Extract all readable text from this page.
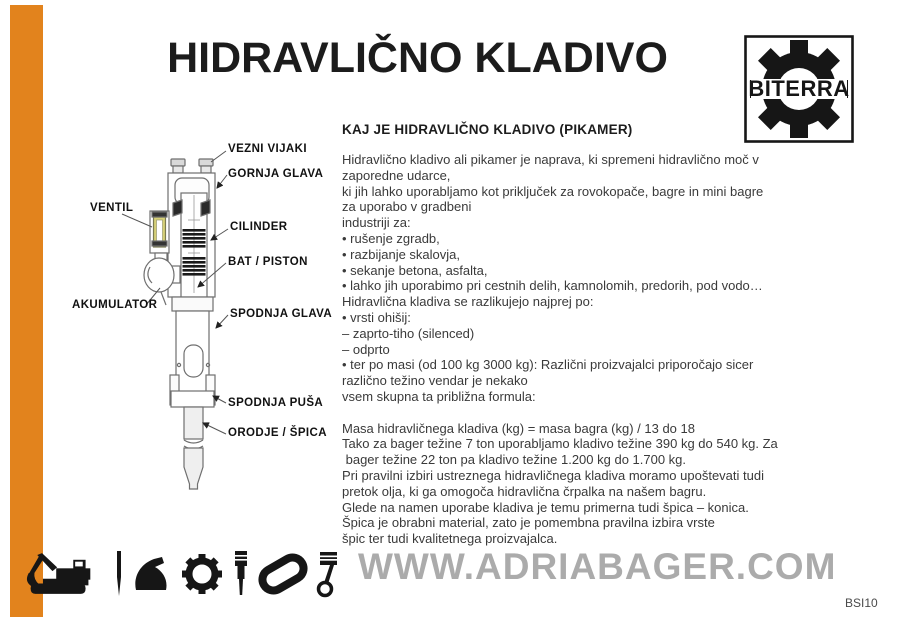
HIDRAVLIČNO KLADIVO
BITERRA
VEZNI VIJAKI
GORNJA GLAVA
VENTIL
CILINDER
BAT / PISTON
AKUMULATOR
SPODNJA GLAVA
SPODNJA PUŠA
ORODJE / ŠPICA
KAJ JE HIDRAVLIČNO KLADIVO (PIKAMER)
Hidravlično kladivo ali pikamer je naprava, ki spremeni hidravlično moč v
zaporedne udarce,
ki jih lahko uporabljamo kot priključek za rovokopače, bagre in mini bagre
za uporabo v gradbeni
industriji za:
• rušenje zgradb,
• razbijanje skalovja,
• sekanje betona, asfalta,
• lahko jih uporabimo pri cestnih delih, kamnolomih, predorih, pod vodo…
Hidravlična kladiva se razlikujejo najprej po:
• vrsti ohišij:
– zaprto-tiho (silenced)
– odprto
• ter po masi (od 100 kg 3000 kg): Različni proizvajalci priporočajo sicer
različno težino vendar je nekako
vsem skupna ta približna formula:

Masa hidravličnega kladiva (kg) = masa bagra (kg) / 13 do 18
Tako za bager težine 7 ton uporabljamo kladivo težine 390 kg do 540 kg. Za
bager težine 22 ton pa kladivo težine 1.200 kg do 1.700 kg.
Pri pravilni izbiri ustreznega hidravličnega kladiva moramo upoštevati tudi
pretok olja, ki ga omogoča hidravlična črpalka na našem bagru.
Glede na namen uporabe kladiva je temu primerna tudi špica – konica.
Špica je obrabni material, zato je pomembna pravilna izbira vrste
špic ter tudi kvalitetnega proizvajalca.
WWW.ADRIABAGER.COM
BSI10
